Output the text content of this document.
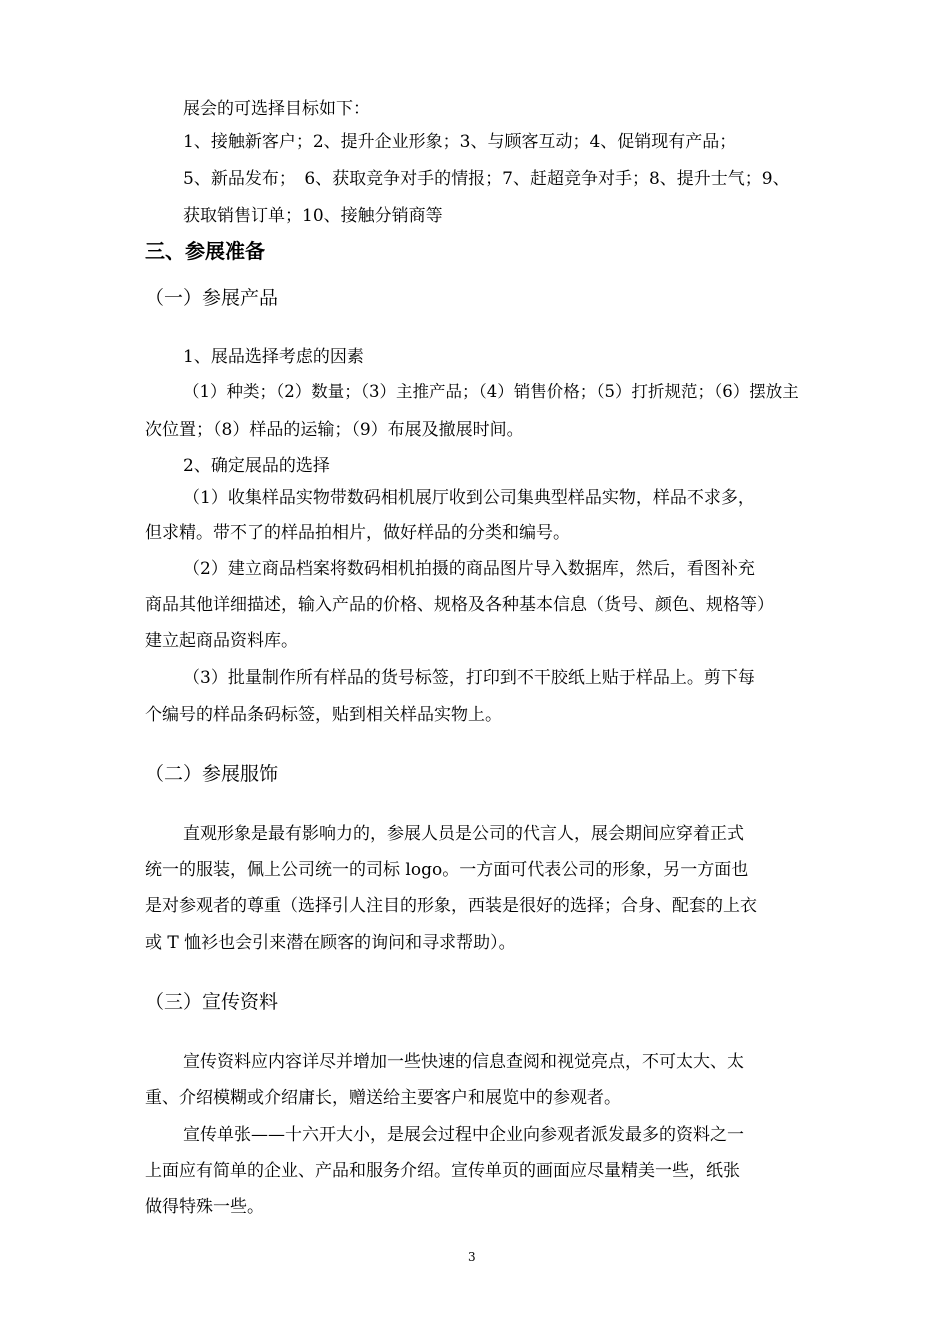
展会的可选择目标如下：
1、接触新客户；2、提升企业形象；3、与顾客互动；4、促销现有产品；
5、新品发布；　6、获取竞争对手的情报；7、赶超竞争对手；8、提升士气；9、
获取销售订单；10、接触分销商等
三、参展准备
（一）参展产品
1、展品选择考虑的因素
（1）种类；（2）数量；（3）主推产品；（4）销售价格；（5）打折规范；（6）摆放主
次位置；（8）样品的运输；（9）布展及撤展时间。
2、确定展品的选择
（1）收集样品实物带数码相机展厅收到公司集典型样品实物，样品不求多，
但求精。带不了的样品拍相片，做好样品的分类和编号。
（2）建立商品档案将数码相机拍摄的商品图片导入数据库，然后，看图补充
商品其他详细描述，输入产品的价格、规格及各种基本信息（货号、颜色、规格等）
建立起商品资料库。
（3）批量制作所有样品的货号标签，打印到不干胶纸上贴于样品上。剪下每
个编号的样品条码标签，贴到相关样品实物上。
（二）参展服饰
直观形象是最有影响力的，参展人员是公司的代言人，展会期间应穿着正式
统一的服装，佩上公司统一的司标 logo。一方面可代表公司的形象，另一方面也
是对参观者的尊重（选择引人注目的形象，西装是很好的选择；合身、配套的上衣
或 T 恤衫也会引来潜在顾客的询问和寻求帮助）。
（三）宣传资料
宣传资料应内容详尽并增加一些快速的信息查阅和视觉亮点，不可太大、太
重、介绍模糊或介绍庸长，赠送给主要客户和展览中的参观者。
宣传单张——十六开大小，是展会过程中企业向参观者派发最多的资料之一
上面应有简单的企业、产品和服务介绍。宣传单页的画面应尽量精美一些，纸张
做得特殊一些。
3
